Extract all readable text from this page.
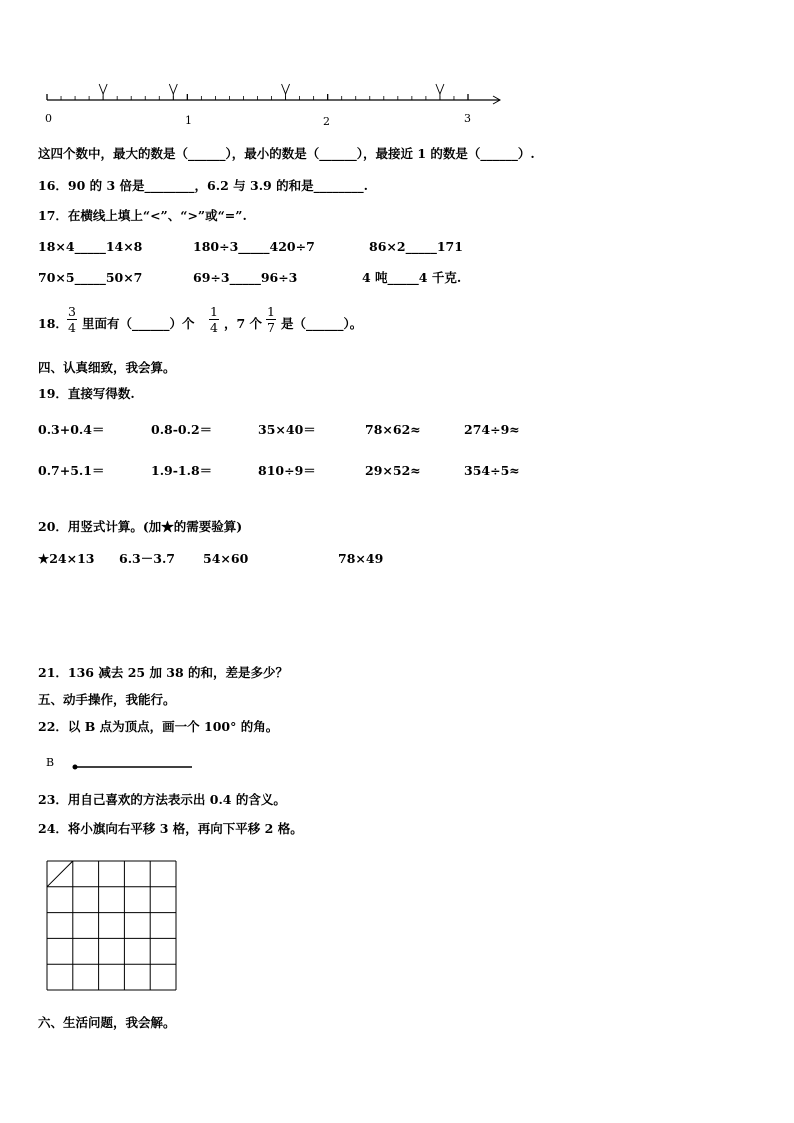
0	1	2	3
这四个数中，最大的数是（______），最小的数是（______），最接近 1 的数是（______）.
16．90 的 3 倍是________，6.2 与 3.9 的和是________.
17．在横线上填上“<”、“>”或“=”.
18×4_____14×8	180÷3_____420÷7	86×2_____171
70×5_____50×7	69÷3_____96÷3	4 吨_____4 千克.
18．
3
4 里面有（______）个
1
4 ，7 个
1
7 是（______）。
四、认真细致，我会算。
19．直接写得数.
0.3+0.4＝	0.8-0.2＝	35×40＝	78×62≈	274÷9≈
0.7+5.1＝	1.9-1.8＝	810÷9＝	29×52≈	354÷5≈
20．用竖式计算。(加★的需要验算)
★24×13 6.3－3.7 54×60	78×49
21．136 减去 25 加 38 的和，差是多少？
五、动手操作，我能行。
22．以 B 点为顶点，画一个 100° 的角。
B
23．用自己喜欢的方法表示出 0.4 的含义。
24．将小旗向右平移 3 格，再向下平移 2 格。
六、生活问题，我会解。
